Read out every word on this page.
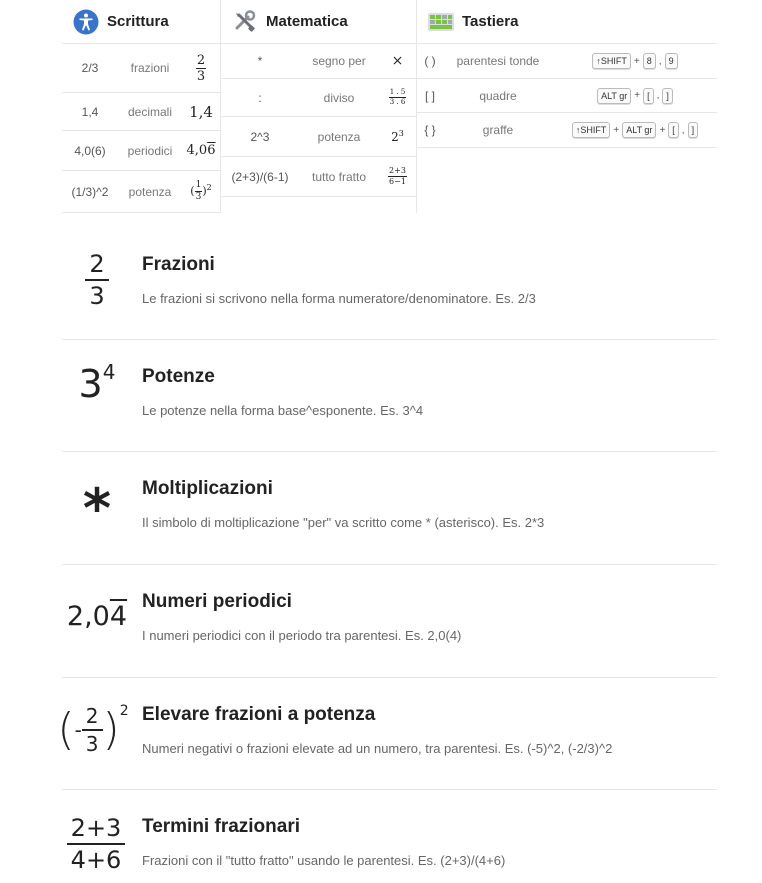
Scrittura
2/3	frazioni	$\frac{2}{3}$
1,4	decimali	1,4
4,0(6)	periodici	4,06
(1/3)^2	potenza	( $\frac{1}{3} )^2$
Matematica
*	segno per	×
:	diviso	$\frac{1 . 5}{3 . 6}$
2^3	potenza	$2^3$
(2+3)/(6-1)	tutto fratto	$\frac{2+3}{6-1}$
Tastiera
( )	parentesi tonde	↑SHIFT + 8 , 9
[ ]	quadre	ALT gr + [ , ]
{ }	graffe	↑SHIFT + ALT gr + [ , ]
$\frac{2}{3}$ Frazioni
Le frazioni si scrivono nella forma numeratore/denominatore. Es. 2/3
$3^4$	Potenze
Le potenze nella forma base^esponente. Es. 3^4
*	Moltiplicazioni
Il simbolo di moltiplicazione "per" va scritto come * (asterisco). Es. 2*3
2,04 Numeri periodici
I numeri periodici con il periodo tra parentesi. Es. 2,0(4)
( - $\frac{2}{3} )^2$ Elevare frazioni a potenza
Numeri negativi o frazioni elevate ad un numero, tra parentesi. Es. (-5)^2, (-2/3)^2
$\frac{2+3}{4+6}$ Termini frazionari
Frazioni con il "tutto fratto" usando le parentesi. Es. (2+3)/(4+6)
